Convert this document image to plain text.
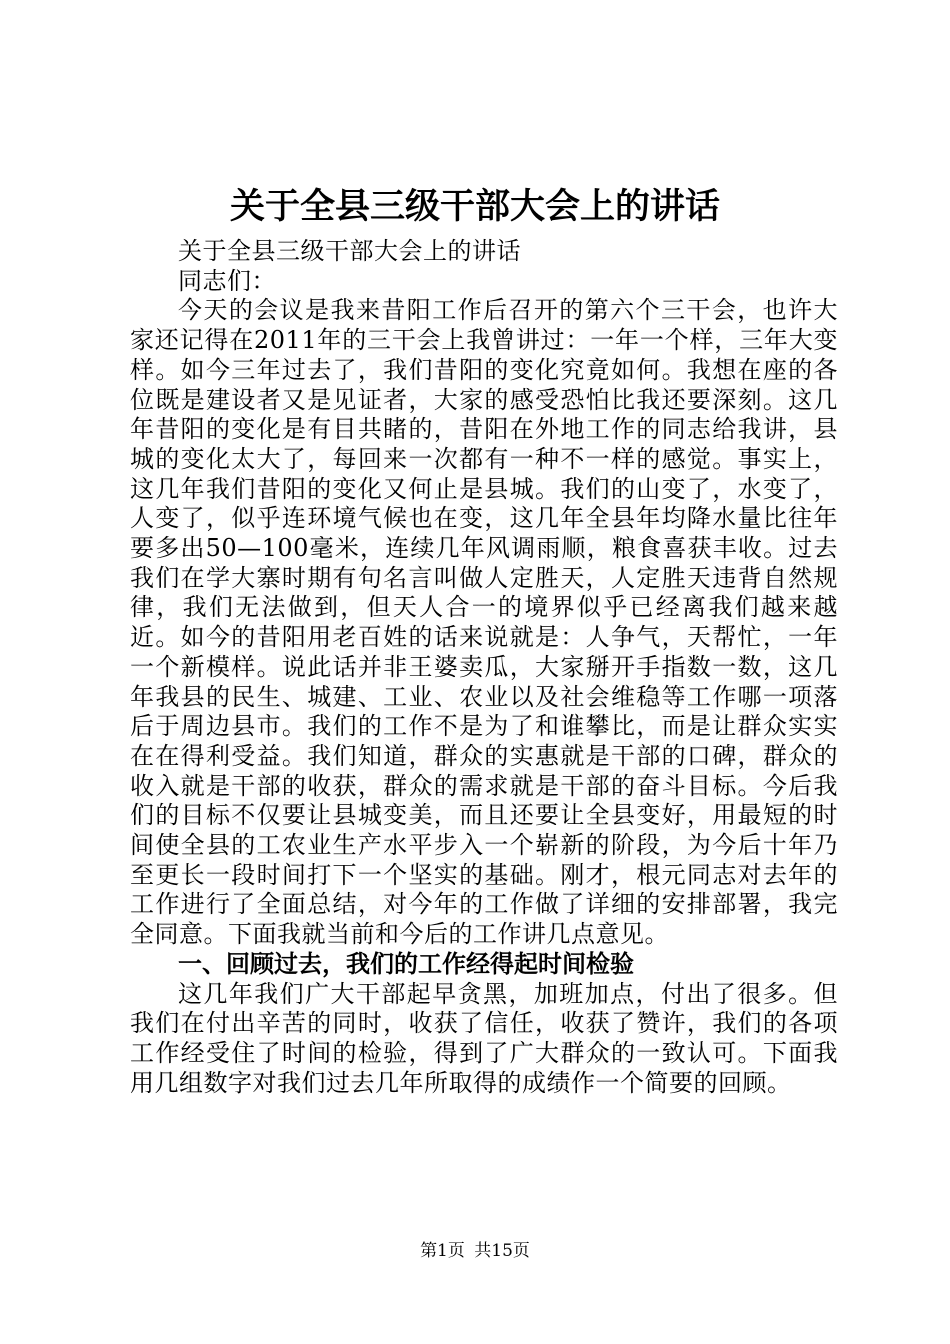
关于全县三级干部大会上的讲话

关于全县三级干部大会上的讲话

同志们：

今天的会议是我来昔阳工作后召开的第六个三干会，也许大家还记得在2011年的三干会上我曾讲过：一年一个样，三年大变样。如今三年过去了，我们昔阳的变化究竟如何。我想在座的各位既是建设者又是见证者，大家的感受恐怕比我还要深刻。这几年昔阳的变化是有目共睹的，昔阳在外地工作的同志给我讲，县城的变化太大了，每回来一次都有一种不一样的感觉。事实上，这几年我们昔阳的变化又何止是县城。我们的山变了，水变了，人变了，似乎连环境气候也在变，这几年全县年均降水量比往年要多出50—100毫米，连续几年风调雨顺，粮食喜获丰收。过去我们在学大寨时期有句名言叫做人定胜天，人定胜天违背自然规律，我们无法做到，但天人合一的境界似乎已经离我们越来越近。如今的昔阳用老百姓的话来说就是：人争气，天帮忙，一年一个新模样。说此话并非王婆卖瓜，大家掰开手指数一数，这几年我县的民生、城建、工业、农业以及社会维稳等工作哪一项落后于周边县市。我们的工作不是为了和谁攀比，而是让群众实实在在得利受益。我们知道，群众的实惠就是干部的口碑，群众的收入就是干部的收获，群众的需求就是干部的奋斗目标。今后我们的目标不仅要让县城变美，而且还要让全县变好，用最短的时间使全县的工农业生产水平步入一个崭新的阶段，为今后十年乃至更长一段时间打下一个坚实的基础。刚才，根元同志对去年的工作进行了全面总结，对今年的工作做了详细的安排部署，我完全同意。下面我就当前和今后的工作讲几点意见。

一、回顾过去，我们的工作经得起时间检验

这几年我们广大干部起早贪黑，加班加点，付出了很多。但我们在付出辛苦的同时，收获了信任，收获了赞许，我们的各项工作经受住了时间的检验，得到了广大群众的一致认可。下面我用几组数字对我们过去几年所取得的成绩作一个简要的回顾。

第1页 共15页
